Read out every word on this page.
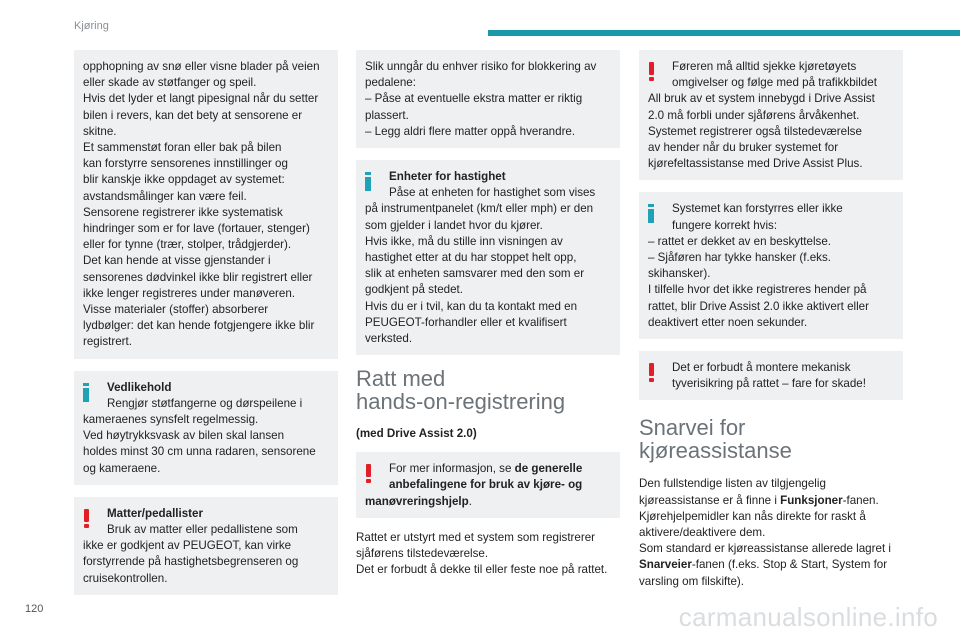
Kjøring
opphopning av snø eller visne blader på veien
eller skade av støtfanger og speil.
Hvis det lyder et langt pipesignal når du setter
bilen i revers, kan det bety at sensorene er
skitne.
Et sammenstøt foran eller bak på bilen
kan forstyrre sensorenes innstillinger og
blir kanskje ikke oppdaget av systemet:
avstandsmålinger kan være feil.
Sensorene registrerer ikke systematisk
hindringer som er for lave (fortauer, stenger)
eller for tynne (trær, stolper, trådgjerder).
Det kan hende at visse gjenstander i
sensorenes dødvinkel ikke blir registrert eller
ikke lenger registreres under manøveren.
Visse materialer (stoffer) absorberer
lydbølger: det kan hende fotgjengere ikke blir
registrert.
Vedlikehold
Rengjør støtfangerne og dørspeilene i
kameraenes synsfelt regelmessig.
Ved høytrykksvask av bilen skal lansen
holdes minst 30 cm unna radaren, sensorene
og kameraene.
Matter/pedallister
Bruk av matter eller pedallistene som
ikke er godkjent av PEUGEOT, kan virke
forstyrrende på hastighetsbegrenseren og
cruisekontrollen.
Slik unngår du enhver risiko for blokkering av
pedalene:
– Påse at eventuelle ekstra matter er riktig
plassert.
– Legg aldri flere matter oppå hverandre.
Enheter for hastighet
Påse at enheten for hastighet som vises
på instrumentpanelet (km/t eller mph) er den
som gjelder i landet hvor du kjører.
Hvis ikke, må du stille inn visningen av
hastighet etter at du har stoppet helt opp,
slik at enheten samsvarer med den som er
godkjent på stedet.
Hvis du er i tvil, kan du ta kontakt med en
PEUGEOT-forhandler eller et kvalifisert
verksted.
Ratt med
hands-on-registrering
(med Drive Assist 2.0)
For mer informasjon, se de generelle
anbefalingene for bruk av kjøre- og
manøvreringshjelp.
Rattet er utstyrt med et system som registrerer
sjåførens tilstedeværelse.
Det er forbudt å dekke til eller feste noe på rattet.
Føreren må alltid sjekke kjøretøyets
omgivelser og følge med på trafikkbildet
All bruk av et system innebygd i Drive Assist
2.0 må forbli under sjåførens årvåkenhet.
Systemet registrerer også tilstedeværelse
av hender når du bruker systemet for
kjørefeltassistanse med Drive Assist Plus.
Systemet kan forstyrres eller ikke
fungere korrekt hvis:
– rattet er dekket av en beskyttelse.
– Sjåføren har tykke hansker (f.eks.
skihansker).
I tilfelle hvor det ikke registreres hender på
rattet, blir Drive Assist 2.0 ikke aktivert eller
deaktivert etter noen sekunder.
Det er forbudt å montere mekanisk
tyverisikring på rattet – fare for skade!
Snarvei for
kjøreassistanse
Den fullstendige listen av tilgjengelig
kjøreassistanse er å finne i Funksjoner-fanen.
Kjørehjelpemidler kan nås direkte for raskt å
aktivere/deaktivere dem.
Som standard er kjøreassistanse allerede lagret i
Snarveier-fanen (f.eks. Stop & Start, System for
varsling om filskifte).
120	carmanualsonline.info
